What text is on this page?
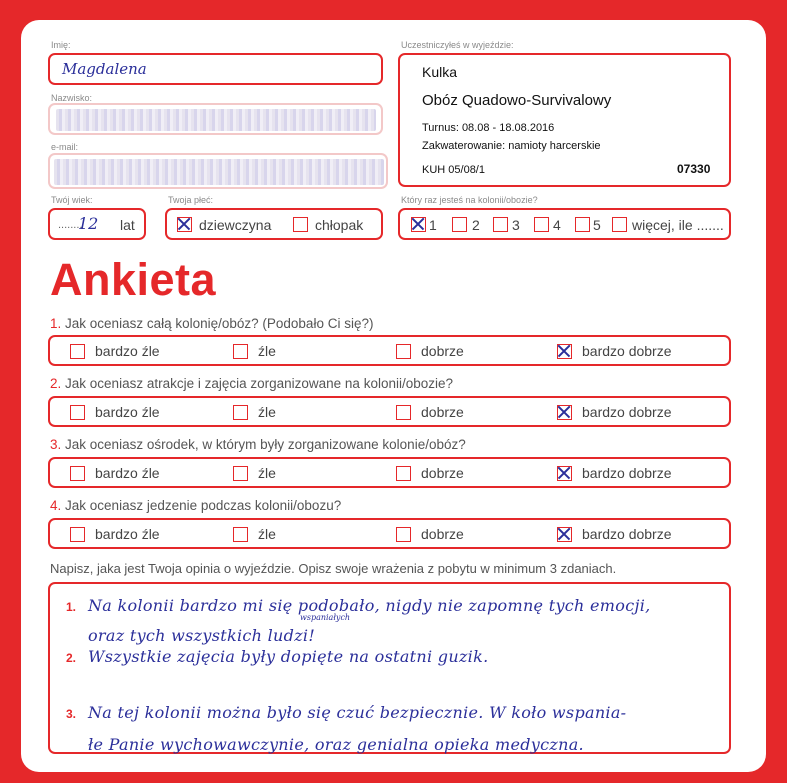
Imię:
Magdalena
Nazwisko:
e-mail:
Uczestniczyłeś w wyjeździe:
Kulka
Obóz Quadowo-Survivalowy
Turnus: 08.08 - 18.08.2016
Zakwaterowanie: namioty harcerskie
KUH 05/08/1	07330
Twój wiek:
........
12 lat
Twoja płeć:
dziewczyna	chłopak
Który raz jesteś na kolonii/obozie?
1	2 3 4 5 więcej, ile .......
Ankieta
1. Jak oceniasz całą kolonię/obóz? (Podobało Ci się?)
bardzo źle	źle	dobrze	bardzo dobrze
2. Jak oceniasz atrakcje i zajęcia zorganizowane na kolonii/obozie?
bardzo źle	źle	dobrze	bardzo dobrze
3. Jak oceniasz ośrodek, w którym były zorganizowane kolonie/obóz?
bardzo źle	źle	dobrze	bardzo dobrze
4. Jak oceniasz jedzenie podczas kolonii/obozu?
bardzo źle	źle	dobrze	bardzo dobrze
Napisz, jaka jest Twoja opinia o wyjeździe. Opisz swoje wrażenia z pobytu w minimum 3 zdaniach.
1. Na kolonii bardzo mi się podobało, nigdy nie zapomnę tych emocji,
wspaniałych
oraz tych wszystkich ludzi!
2. Wszystkie zajęcia były dopięte na ostatni guzik.
3. Na tej kolonii można było się czuć bezpiecznie. W koło wspania-
łe Panie wychowawczynie, oraz genialna opieka medyczna.
